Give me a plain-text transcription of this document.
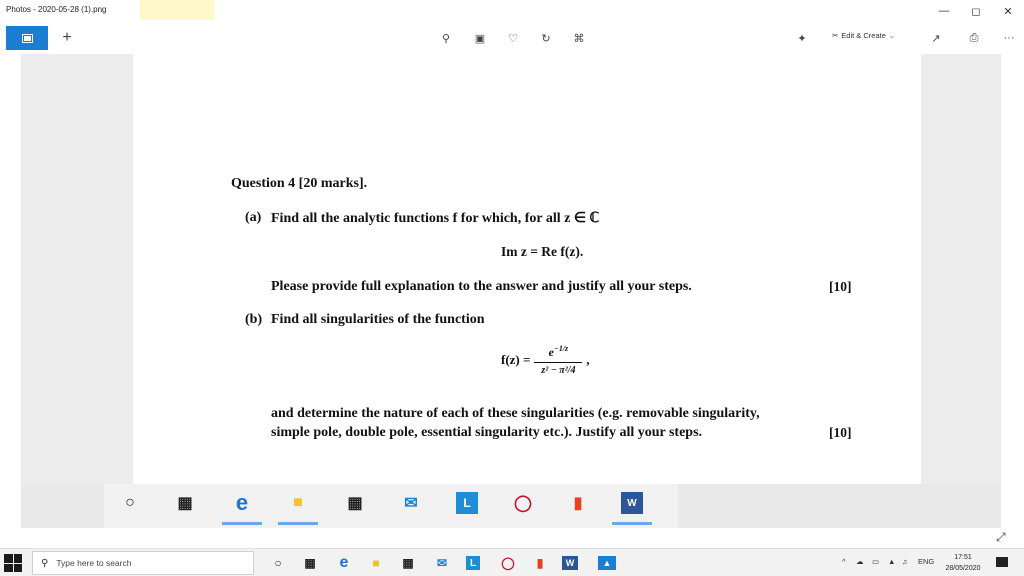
Photos - 2020-05-28 (1).png	—	◻	✕
+	⚲	▣ ♡	↻	⌘	✦	✂ Edit & Create ⌄	↗	⎙	···
Question 4 [20 marks].
(a) Find all the analytic functions f for which, for all z ∈ ℂ
Im z = Re f(z).
Please provide full explanation to the answer and justify all your steps.	[10]
(b) Find all singularities of the function
$f(z) = \frac{e^{-1/z}}{\text{z² − π²/4}}$ ,
and determine the nature of each of these singularities (e.g. removable singularity,
simple pole, double pole, essential singularity etc.). Justify all your steps.	[10]
○	▦ e	■	▦	✉	L	◯	▮	W
⤢
⚲ Type here to search	○	▦	e	■	▦	✉	L	◯	▮	W	▲	^ ☁ ▭ ▲ ♫ ENG	17:51
28/05/2020
